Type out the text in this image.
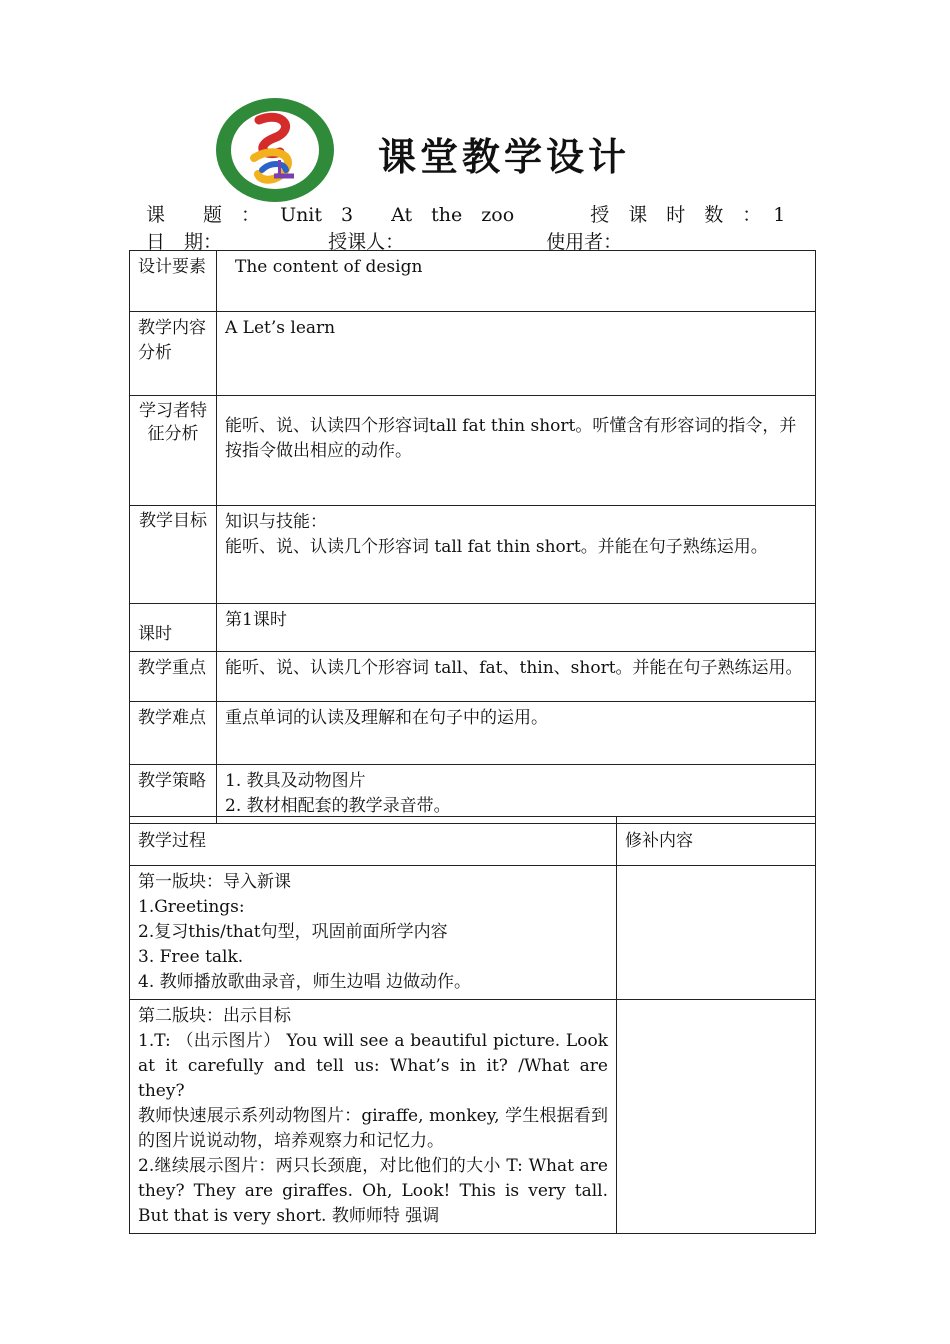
课堂教学设计
课　　题　： Unit　3　　At　the　zoo	授　课　时　数　： 1
日　期：	授课人：	使用者：
设计要素	The content of design
教学内容分析	A Let’s learn
学习者特征分析	能听、说、认读四个形容词tall fat thin short。听懂含有形容词的指令，并按指令做出相应的动作。
教学目标	知识与技能：
能听、说、认读几个形容词 tall fat thin short。并能在句子熟练运用。

课时	第1课时
教学重点	能听、说、认读几个形容词 tall、fat、thin、short。并能在句子熟练运用。
教学难点	重点单词的认读及理解和在句子中的运用。
教学策略	1. 教具及动物图片
2. 教材相配套的教学录音带。
教学过程	修补内容

第一版块：导入新课
1.Greetings:
2.复习this/that句型，巩固前面所学内容
3. Free talk.
4. 教师播放歌曲录音，师生边唱 边做动作。	

第二版块：出示目标
1.T: （出示图片） You will see a beautiful picture. Look at it carefully and tell us: What’s in it? /What are they?
教师快速展示系列动物图片：giraffe, monkey, 学生根据看到的图片说说动物，培养观察力和记忆力。
2.继续展示图片：两只长颈鹿，对比他们的大小 T: What are they? They are giraffes. Oh, Look! This is very tall. But that is very short. 教师师特 强调	
